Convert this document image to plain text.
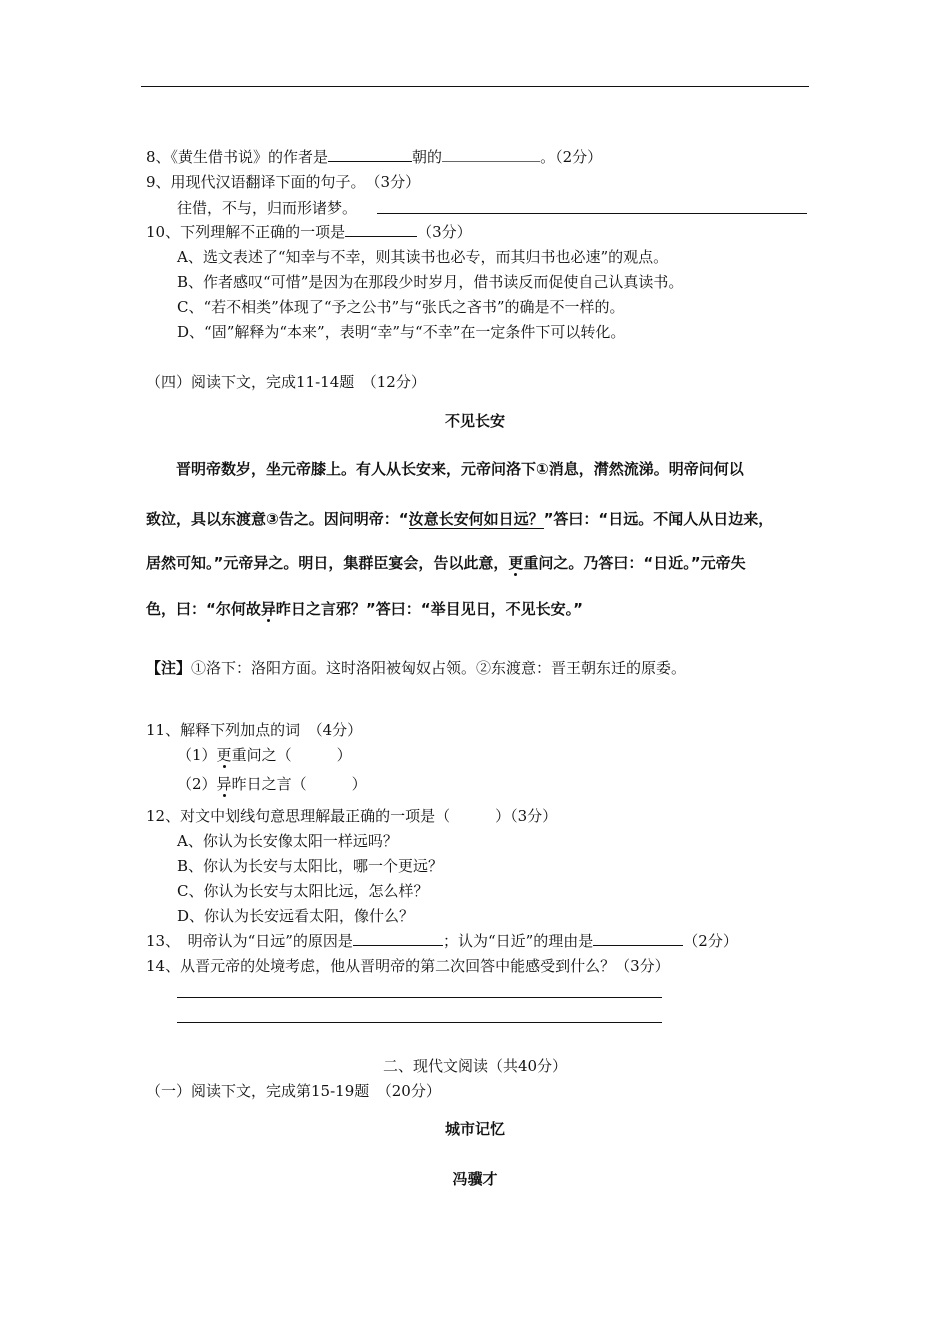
8、《黄生借书说》的作者是	朝的	。（2分）
9、用现代汉语翻译下面的句子。　（3分）
往借，不与，归而形诸梦。
10、下列理解不正确的一项是	（3分）
A、选文表述了“知幸与不幸，则其读书也必专，而其归书也必速”的观点。
B、作者感叹“可惜”是因为在那段少时岁月，借书读反而促使自己认真读书。
C、“若不相类”体现了“予之公书”与“张氏之吝书”的确是不一样的。
D、“固”解释为“本来”，表明“幸”与“不幸”在一定条件下可以转化。
（四）阅读下文，完成11-14题　（12分）
不见长安
晋明帝数岁，坐元帝膝上。有人从长安来，元帝问洛下①消息，潸然流涕。明帝问何以
致泣，具以东渡意③告之。因问明帝：“汝意长安何如日远？”答曰：“日远。不闻人从日边来，
居然可知。”元帝异之。明日，集群臣宴会，告以此意，更重问之。乃答曰：“日近。”元帝失
色，曰：“尔何故异昨日之言邪？”答曰：“举目见日，不见长安。”
【注】①洛下：洛阳方面。这时洛阳被匈奴占领。②东渡意：晋王朝东迁的原委。
11、解释下列加点的词　（4分）
（1）更重问之（　　　）
（2）异昨日之言（　　　）
12、对文中划线句意思理解最正确的一项是（　　　）（3分）
A、你认为长安像太阳一样远吗？
B、你认为长安与太阳比，哪一个更远？
C、你认为长安与太阳比远，怎么样？
D、你认为长安远看太阳，像什么？
13、　明帝认为“日远”的原因是	；认为“日近”的理由是	（2分）
14、从晋元帝的处境考虑，他从晋明帝的第二次回答中能感受到什么？（3分）
二、现代文阅读（共40分）
（一）阅读下文，完成第15-19题　（20分）
城市记忆
冯骥才
